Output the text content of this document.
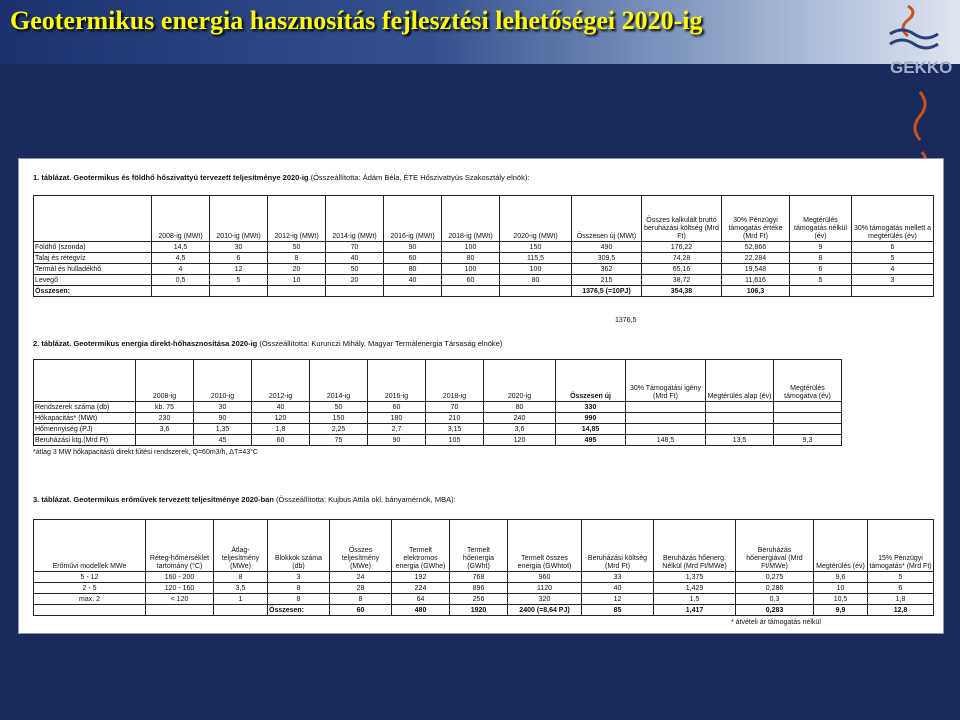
Geotermikus energia hasznosítás fejlesztési lehetőségei 2020-ig
GEKKO
1. táblázat. Geotermikus és földhő hőszivattyú tervezett teljesítménye 2020-ig (Összeállította: Ádám Béla, ÉTE Hőszivattyús Szakosztály elnök):
	2008-ig (MWt)	2010-ig (MWt)	2012-ig (MWt)	2014-ig (MWt)	2016-ig (MWt)	2018-ig (MWt)	2020-ig (MWt)	Összesen új (MWt)	Összes kalkulált bruttó beruházási költség (Mrd Ft)	30% Pénzügyi támogatás értéke (Mrd Ft)	Megtérülés támogatás nélkül (év)	30% támogatás mellett a megtérülés (év)
Földhő (szonda)	14,5	30	50	70	90	100	150	490	176,22	52,866	9	6
Talaj és rétegvíz	4,5	6	8	40	60	80	115,5	309,5	74,28	22,284	8	5
Termál és hulladékhő	4	12	20	50	80	100	100	362	65,16	19,548	6	4
Levegő	0,5	5	10	20	40	60	80	215	38,72	11,616	5	3
Összesen:								1376,5 (=10PJ)	354,38	106,3		
1376,5
2. táblázat. Geotermikus energia direkt-hőhasznosítása 2020-ig (Összeállította: Kurunczi Mihály, Magyar Termálenergia Társaság elnöke)
	2008-ig	2010-ig	2012-ig	2014-ig	2016-ig	2018-ig	2020-ig	Összesen új	30% Támogatási igény (Mrd Ft)	Megtérülés alap (év)	Megtérülés támogatva (év)
Rendszerek száma (db)	kb. 75	30	40	50	60	70	80	330			
Hőkapacitás* (MWt)	230	90	120	150	180	210	240	990			
Hőmennyiség (PJ)	3,6	1,35	1,8	2,25	2,7	3,15	3,6	14,85			
Beruházási ktg.(Mrd Ft)		45	60	75	90	105	120	495	148,5	13,5	9,3
*átlag 3 MW hőkapacitású direkt fűtési rendszerek, Q=60m3/h, ΔT=43°C
3. táblázat. Geotermikus erőművek tervezett teljesítménye 2020-ban (Összeállította: Kujbus Attila okl. bányamérnök, MBA):
Erőművi modellek MWe	Réteg-hőmérséklet tartomány (°C)	Átlag-teljesítmény (MWe)	Blokkok száma (db)	Összes teljesítmény (MWe)	Termelt elektromos energia (GWhe)	Termelt hőenergia (GWht)	Termelt összes energia (GWhtot)	Beruházási költség (Mrd Ft)	Beruházás hőenerg. Nélkül (Mrd Ft/MWe)	Beruházás hőenergiával (Mrd Ft/MWe)	Megtérülés (év)	15% Pénzügyi támogatás* (Mrd Ft)
5 - 12	160 - 200	8	3	24	192	768	960	33	1,375	0,275	9,6	5
2 - 5	120 - 160	3,5	8	28	224	896	1120	40	1,429	0,286	10	6
max. 2	< 120	1	8	8	64	256	320	12	1,5	0,3	10,5	1,8
			Összesen:	60	480	1920	2400 (=8,64 PJ)	85	1,417	0,283	9,9	12,8
* átvételi ár támogatás nélkül
